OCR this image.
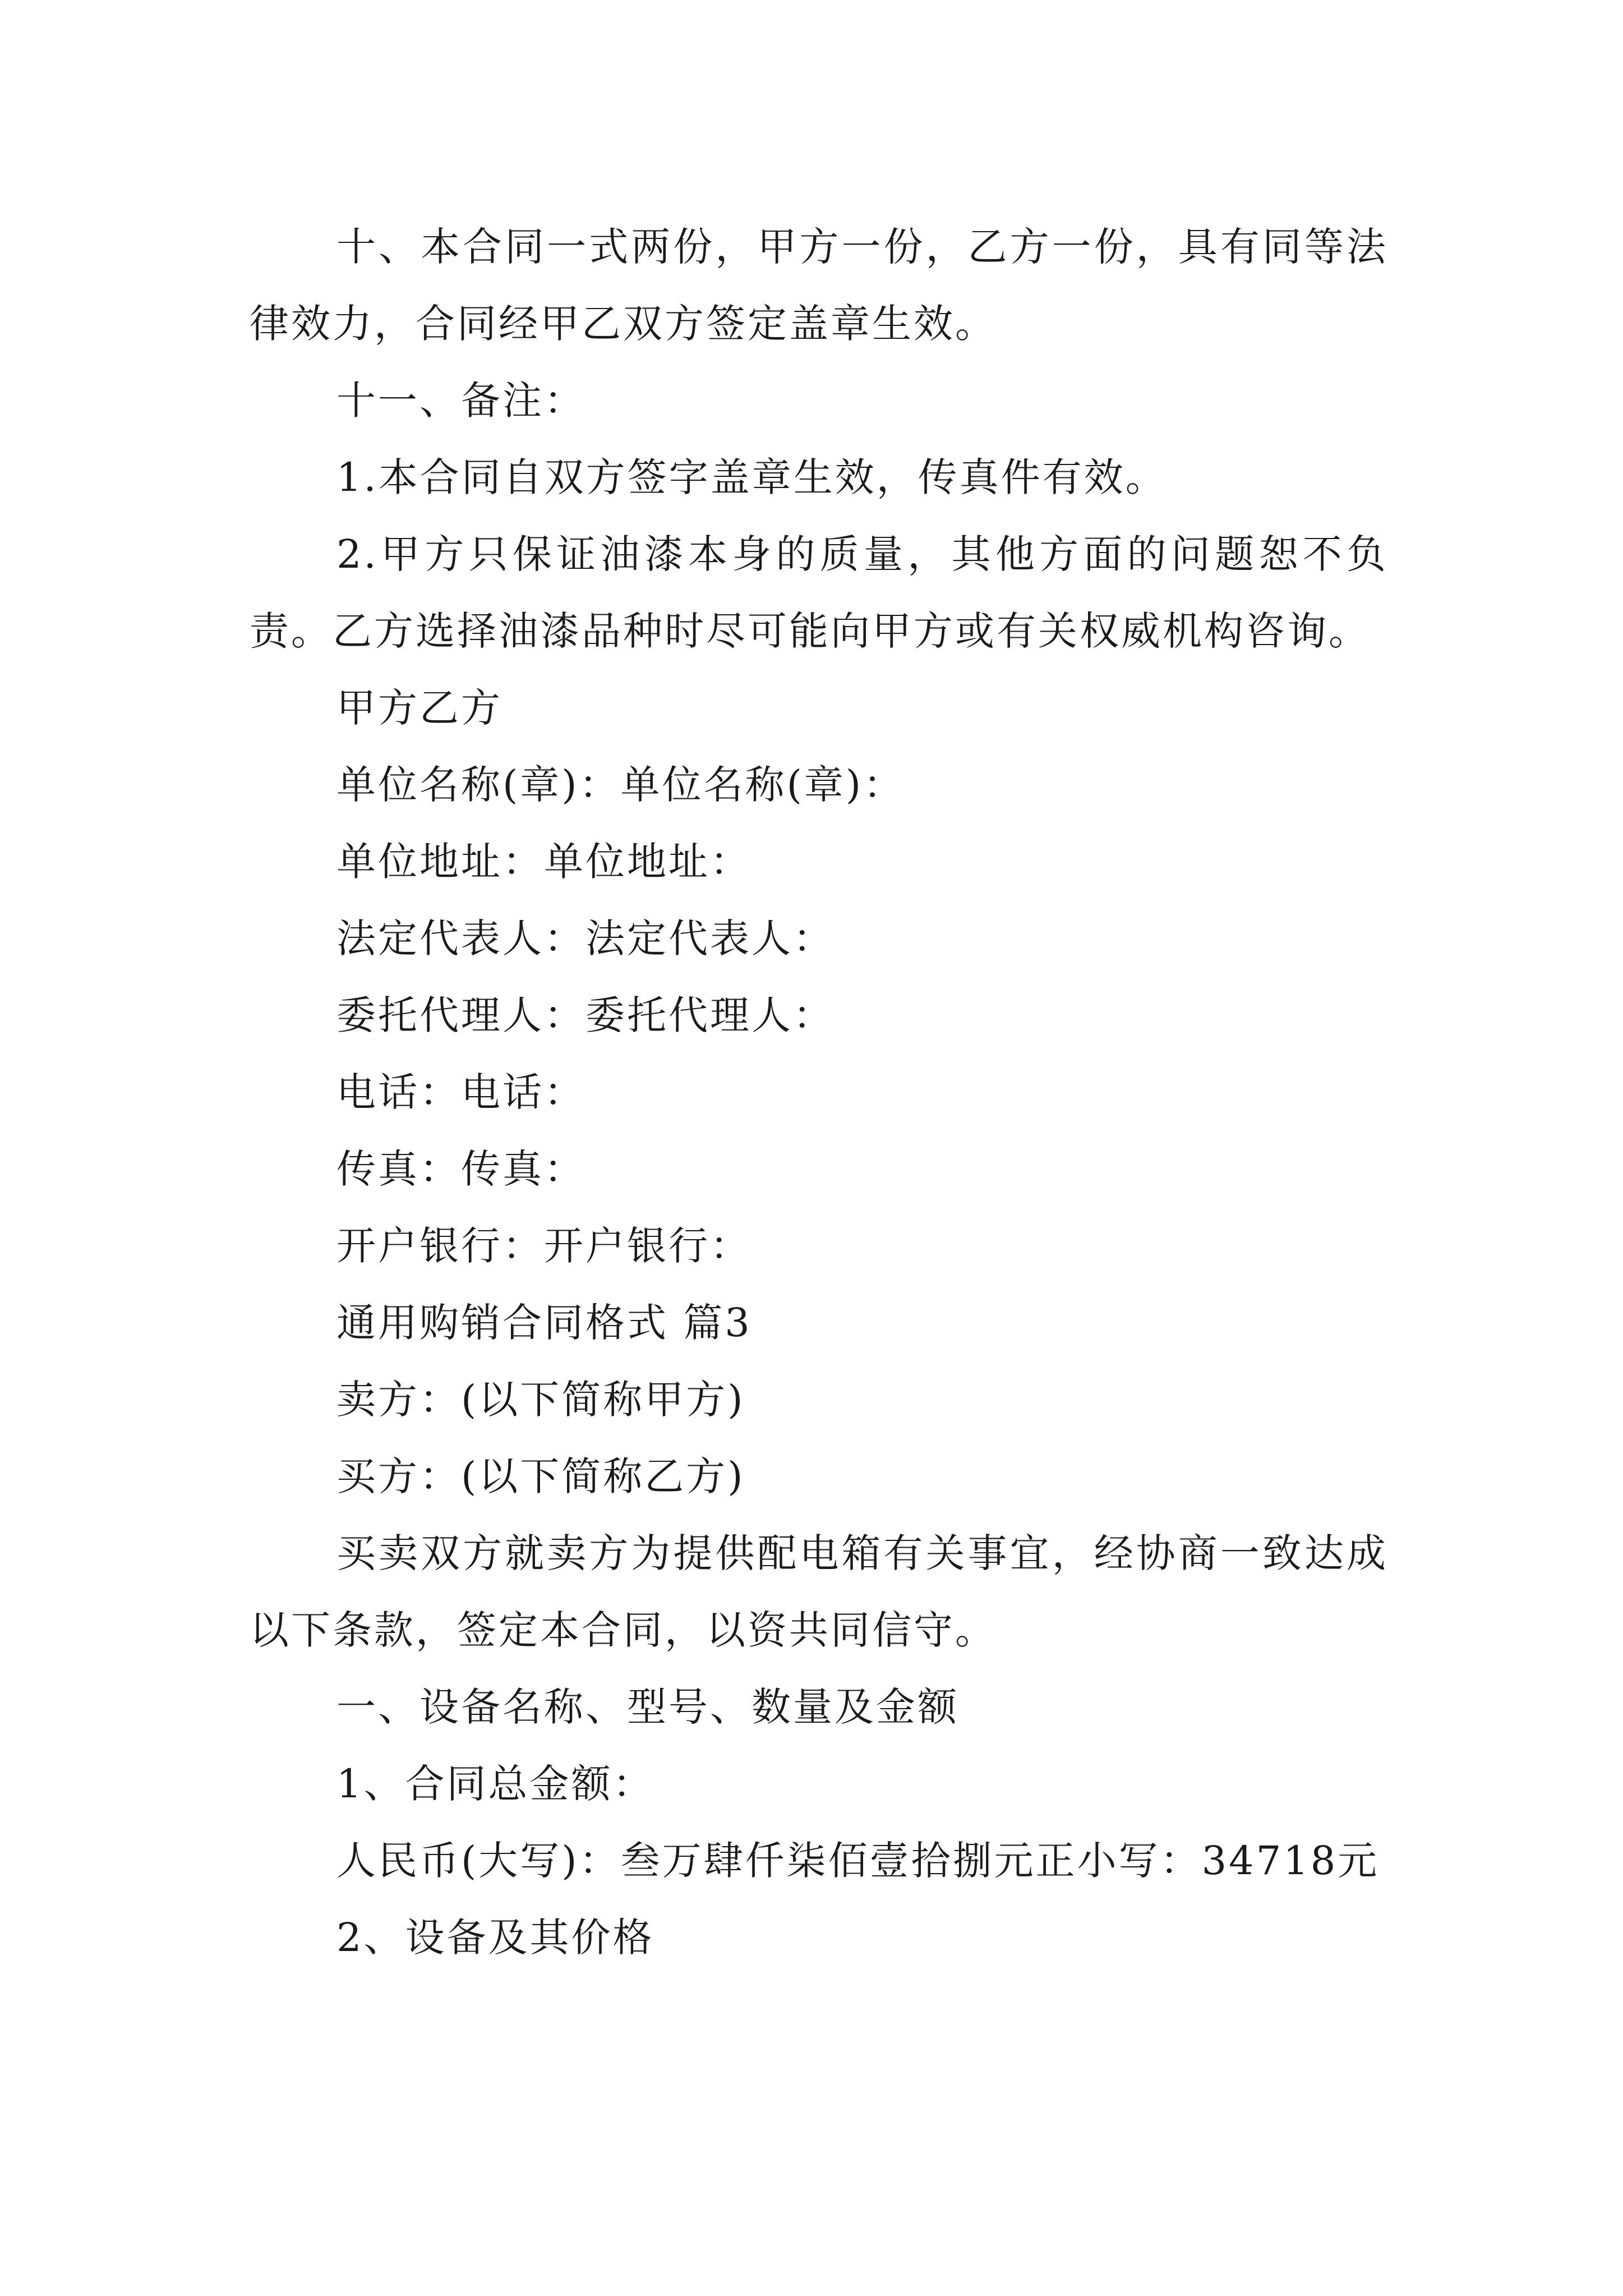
十、本合同一式两份，甲方一份，乙方一份，具有同等法律效力，合同经甲乙双方签定盖章生效。

十一、备注：

1.本合同自双方签字盖章生效，传真件有效。

2.甲方只保证油漆本身的质量，其他方面的问题恕不负责。乙方选择油漆品种时尽可能向甲方或有关权威机构咨询。

甲方乙方

单位名称(章)：单位名称(章)：

单位地址：单位地址：

法定代表人：法定代表人：

委托代理人：委托代理人：

电话：电话：

传真：传真：

开户银行：开户银行：

通用购销合同格式 篇3

卖方：(以下简称甲方)

买方：(以下简称乙方)

买卖双方就卖方为提供配电箱有关事宜，经协商一致达成以下条款，签定本合同，以资共同信守。

一、设备名称、型号、数量及金额

1、合同总金额：

人民币(大写)：叁万肆仟柒佰壹拾捌元正小写：34718元

2、设备及其价格
